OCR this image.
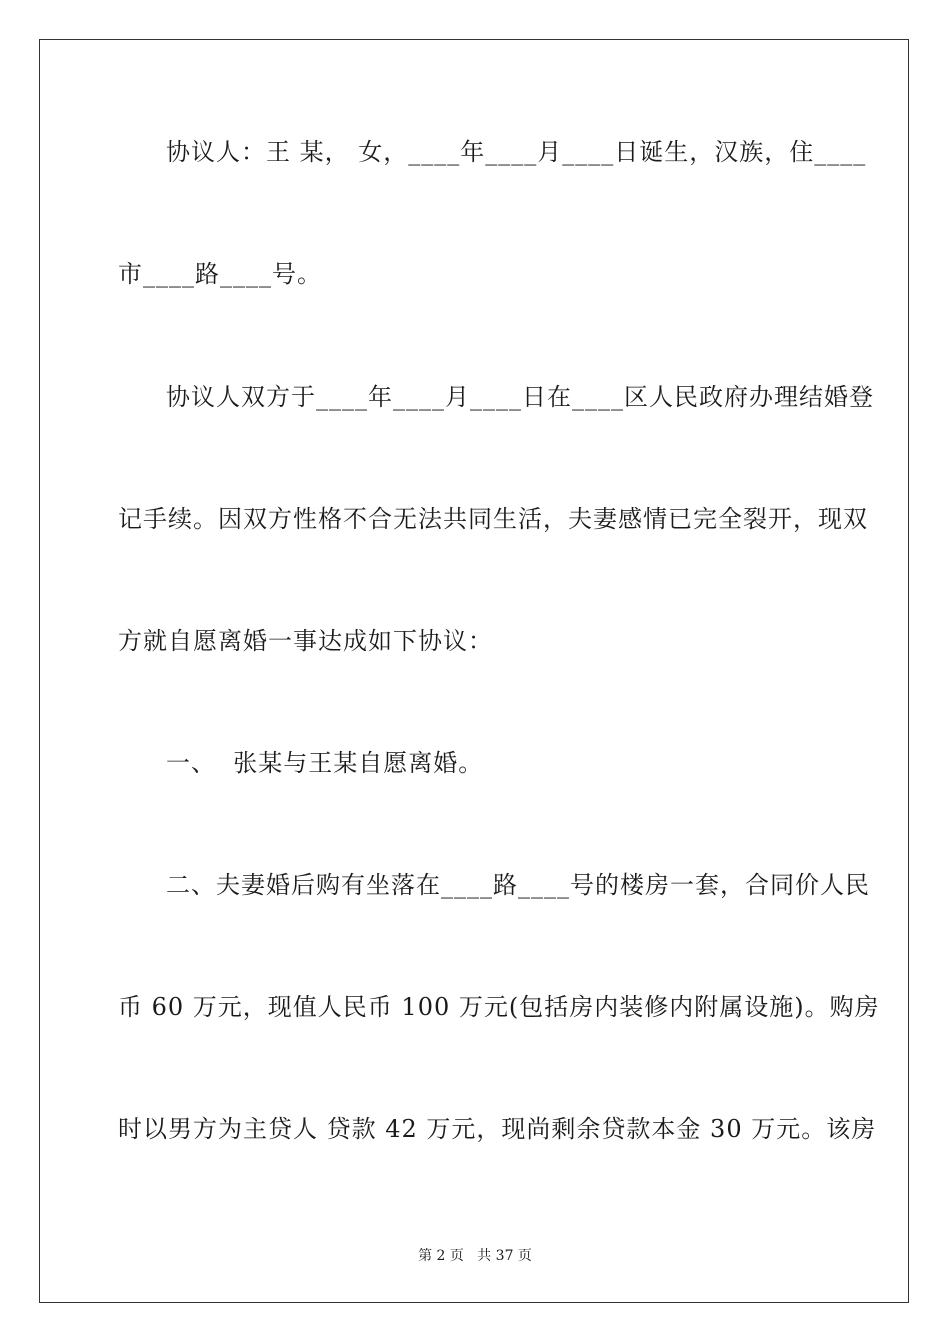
协议人：王 某， 女，____年____月____日诞生，汉族，住____
市____路____号。
协议人双方于____年____月____日在____区人民政府办理结婚登
记手续。因双方性格不合无法共同生活，夫妻感情已完全裂开，现双
方就自愿离婚一事达成如下协议：
一、  张某与王某自愿离婚。
二、夫妻婚后购有坐落在____路____号的楼房一套，合同价人民
币 60 万元，现值人民币 100 万元(包括房内装修内附属设施)。购房
时以男方为主贷人 贷款 42 万元，现尚剩余贷款本金 30 万元。该房
第 2 页   共 37 页
